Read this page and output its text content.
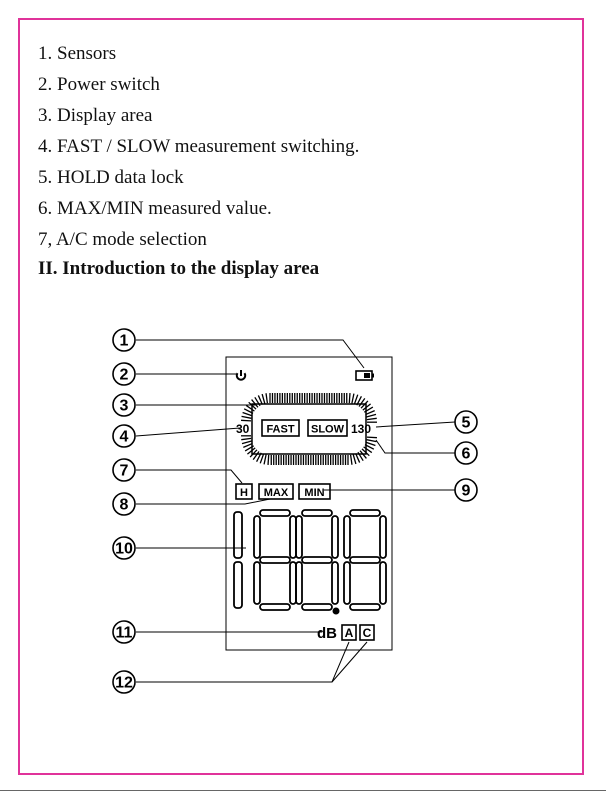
1. Sensors
2. Power switch
3. Display area
4. FAST / SLOW measurement switching.
5. HOLD data lock
6. MAX/MIN measured value.
7, A/C mode selection
II. Introduction to the display area
FAST SLOW
30	130
H MAX MIN
dB A C
1
2
3
4
5
6
7
8
9
10
11
12
